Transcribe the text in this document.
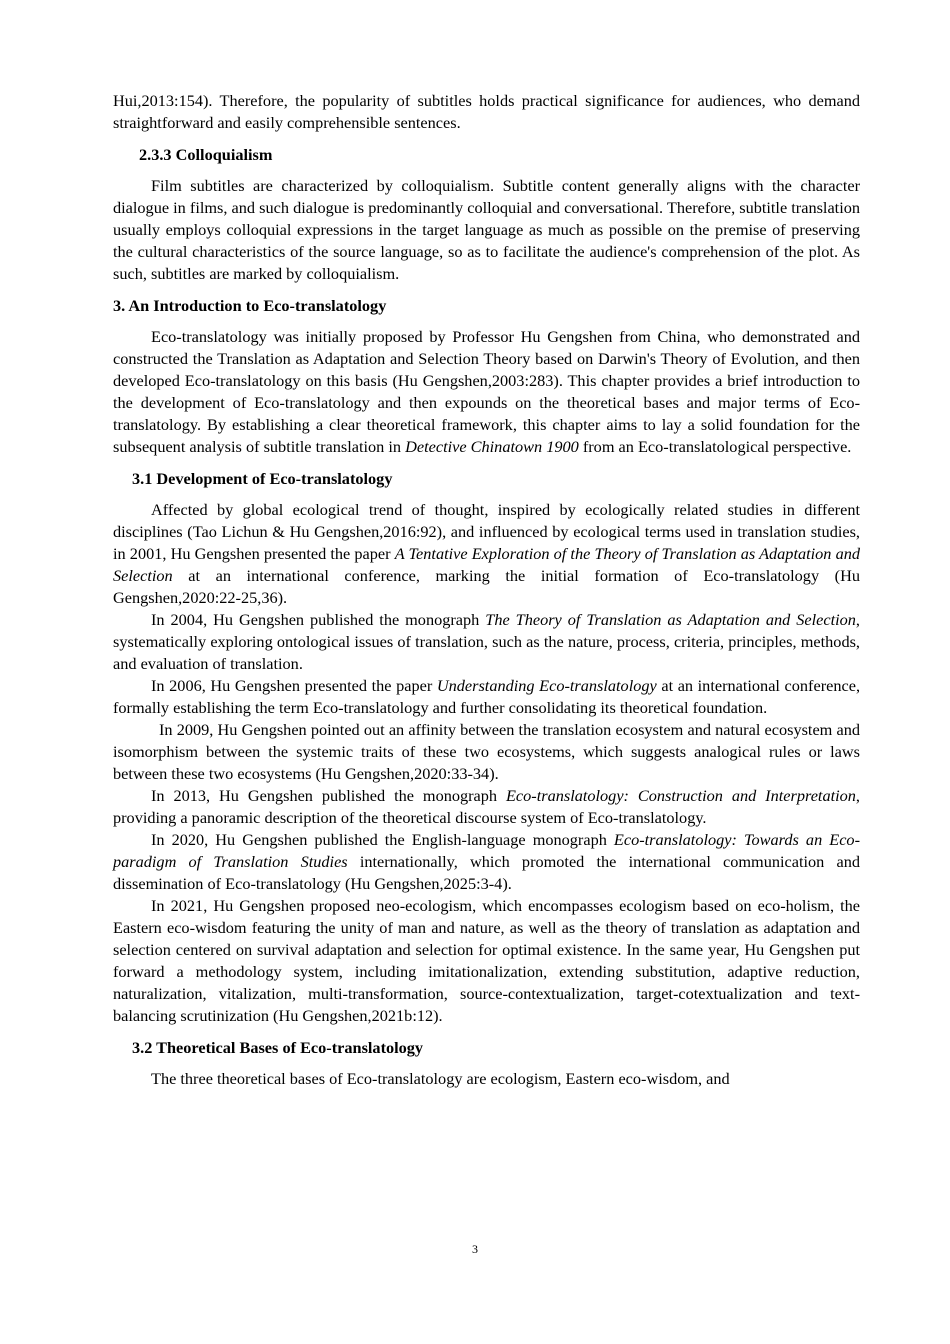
Hui,2013:154). Therefore, the popularity of subtitles holds practical significance for audiences, who demand straightforward and easily comprehensible sentences.

2.3.3 Colloquialism

Film subtitles are characterized by colloquialism. Subtitle content generally aligns with the character dialogue in films, and such dialogue is predominantly colloquial and conversational. Therefore, subtitle translation usually employs colloquial expressions in the target language as much as possible on the premise of preserving the cultural characteristics of the source language, so as to facilitate the audience's comprehension of the plot. As such, subtitles are marked by colloquialism.

3. An Introduction to Eco-translatology

Eco-translatology was initially proposed by Professor Hu Gengshen from China, who demonstrated and constructed the Translation as Adaptation and Selection Theory based on Darwin's Theory of Evolution, and then developed Eco-translatology on this basis (Hu Gengshen,2003:283). This chapter provides a brief introduction to the development of Eco-translatology and then expounds on the theoretical bases and major terms of Eco-translatology. By establishing a clear theoretical framework, this chapter aims to lay a solid foundation for the subsequent analysis of subtitle translation in Detective Chinatown 1900 from an Eco-translatological perspective.

3.1 Development of Eco-translatology

Affected by global ecological trend of thought, inspired by ecologically related studies in different disciplines (Tao Lichun & Hu Gengshen,2016:92), and influenced by ecological terms used in translation studies, in 2001, Hu Gengshen presented the paper A Tentative Exploration of the Theory of Translation as Adaptation and Selection at an international conference, marking the initial formation of Eco-translatology (Hu Gengshen,2020:22-25,36).

In 2004, Hu Gengshen published the monograph The Theory of Translation as Adaptation and Selection, systematically exploring ontological issues of translation, such as the nature, process, criteria, principles, methods, and evaluation of translation.

In 2006, Hu Gengshen presented the paper Understanding Eco-translatology at an international conference, formally establishing the term Eco-translatology and further consolidating its theoretical foundation.

In 2009, Hu Gengshen pointed out an affinity between the translation ecosystem and natural ecosystem and isomorphism between the systemic traits of these two ecosystems, which suggests analogical rules or laws between these two ecosystems (Hu Gengshen,2020:33-34).

In 2013, Hu Gengshen published the monograph Eco-translatology: Construction and Interpretation, providing a panoramic description of the theoretical discourse system of Eco-translatology.

In 2020, Hu Gengshen published the English-language monograph Eco-translatology: Towards an Eco-paradigm of Translation Studies internationally, which promoted the international communication and dissemination of Eco-translatology (Hu Gengshen,2025:3-4).

In 2021, Hu Gengshen proposed neo-ecologism, which encompasses ecologism based on eco-holism, the Eastern eco-wisdom featuring the unity of man and nature, as well as the theory of translation as adaptation and selection centered on survival adaptation and selection for optimal existence. In the same year, Hu Gengshen put forward a methodology system, including imitationalization, extending substitution, adaptive reduction, naturalization, vitalization, multi-transformation, source-contextualization, target-cotextualization and text-balancing scrutinization (Hu Gengshen,2021b:12).

3.2 Theoretical Bases of Eco-translatology

The three theoretical bases of Eco-translatology are ecologism, Eastern eco-wisdom, and

3
